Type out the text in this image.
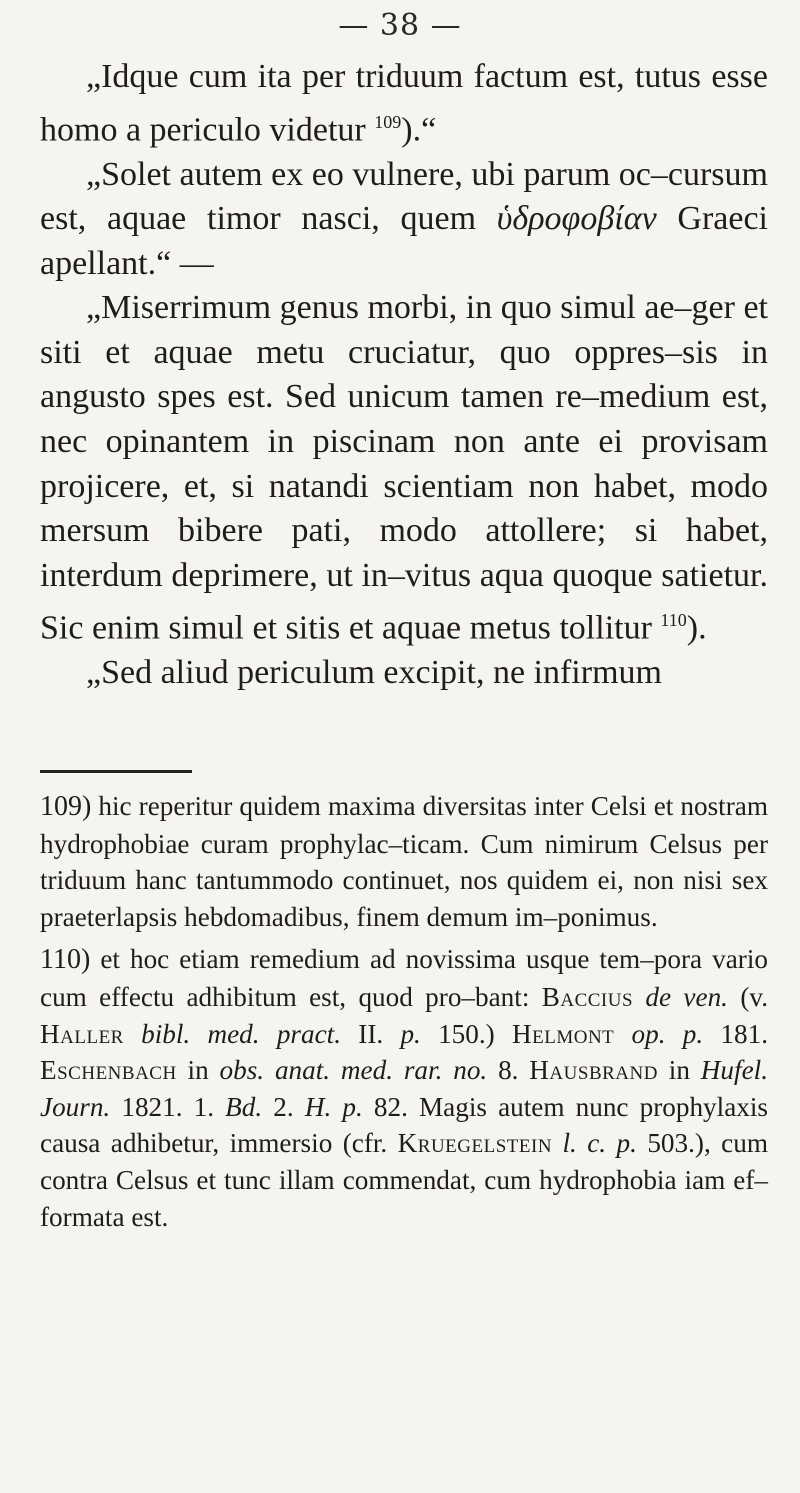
— 38 —

„Idque cum ita per triduum factum est, tutus esse homo a periculo videtur $^{109}$).“

„Solet autem ex eo vulnere, ubi parum oc–cursum est, aquae timor nasci, quem ὑδροφοβίαν Graeci apellant.“ —

„Miserrimum genus morbi, in quo simul ae–ger et siti et aquae metu cruciatur, quo oppres–sis in angusto spes est. Sed unicum tamen re–medium est, nec opinantem in piscinam non ante ei provisam projicere, et, si natandi scientiam non habet, modo mersum bibere pati, modo attollere; si habet, interdum deprimere, ut in–vitus aqua quoque satietur. Sic enim simul et sitis et aquae metus tollitur $^{110}$).

„Sed aliud periculum excipit, ne infirmum

109) hic reperitur quidem maxima diversitas inter Celsi et nostram hydrophobiae curam prophylac–ticam. Cum nimirum Celsus per triduum hanc tantummodo continuet, nos quidem ei, non nisi sex praeterlapsis hebdomadibus, finem demum im–ponimus.

110) et hoc etiam remedium ad novissima usque tem–pora vario cum effectu adhibitum est, quod pro–bant: Baccius de ven. (v. Haller bibl. med. pract. II. p. 150.) Helmont op. p. 181. Eschenbach in obs. anat. med. rar. no. 8. Hausbrand in Hufel. Journ. 1821. 1. Bd. 2. H. p. 82. Magis autem nunc prophylaxis causa adhibetur, immersio (cfr. Kruegelstein l. c. p. 503.), cum contra Celsus et tunc illam commendat, cum hydrophobia iam ef–formata est.
